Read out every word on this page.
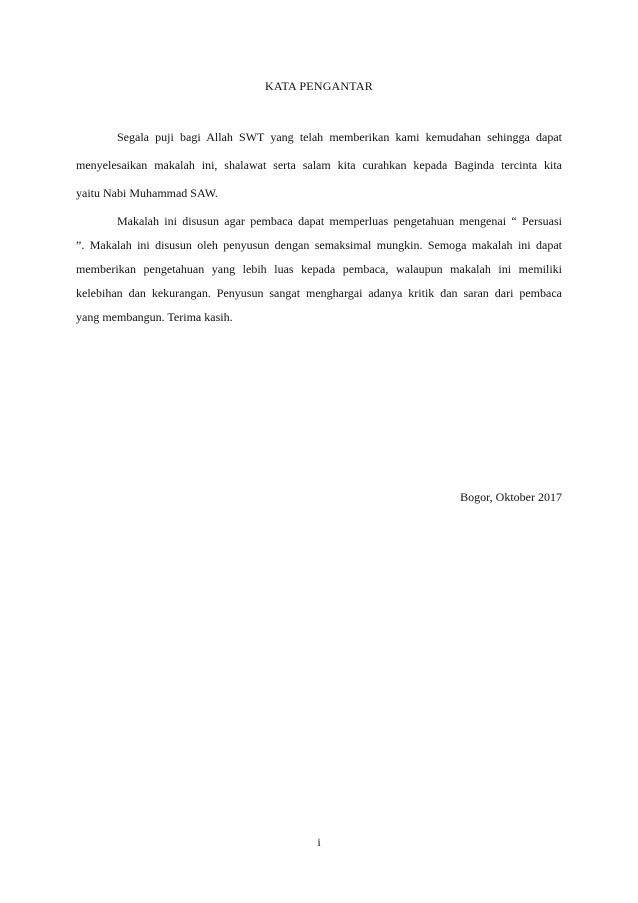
KATA PENGANTAR
Segala puji bagi Allah SWT yang telah memberikan kami kemudahan sehingga dapat
menyelesaikan makalah ini, shalawat serta salam kita curahkan kepada Baginda tercinta kita
yaitu Nabi Muhammad SAW.
Makalah ini disusun agar pembaca dapat memperluas pengetahuan mengenai “ Persuasi
”. Makalah ini disusun oleh penyusun dengan semaksimal mungkin. Semoga makalah ini dapat
memberikan pengetahuan yang lebih luas kepada pembaca, walaupun makalah ini memiliki
kelebihan dan kekurangan. Penyusun sangat menghargai adanya kritik dan saran dari pembaca
yang membangun. Terima kasih.
Bogor, Oktober 2017
i
